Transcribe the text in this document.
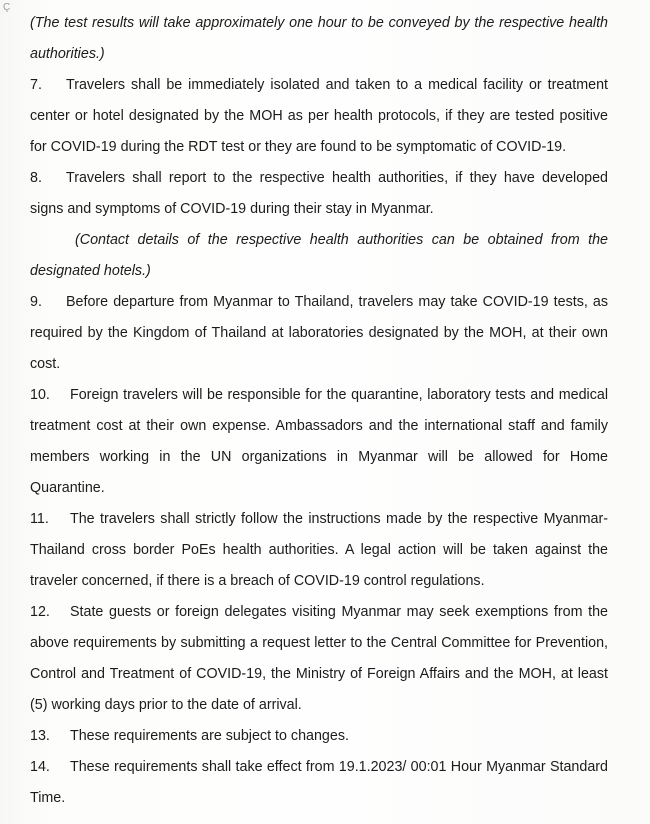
Ç

(The test results will take approximately one hour to be conveyed by the respective health authorities.)

7. Travelers shall be immediately isolated and taken to a medical facility or treatment center or hotel designated by the MOH as per health protocols, if they are tested positive for COVID-19 during the RDT test or they are found to be symptomatic of COVID-19.

8. Travelers shall report to the respective health authorities, if they have developed signs and symptoms of COVID-19 during their stay in Myanmar.

(Contact details of the respective health authorities can be obtained from the designated hotels.)

9. Before departure from Myanmar to Thailand, travelers may take COVID-19 tests, as required by the Kingdom of Thailand at laboratories designated by the MOH, at their own cost.

10. Foreign travelers will be responsible for the quarantine, laboratory tests and medical treatment cost at their own expense. Ambassadors and the international staff and family members working in the UN organizations in Myanmar will be allowed for Home Quarantine.

11. The travelers shall strictly follow the instructions made by the respective Myanmar-Thailand cross border PoEs health authorities. A legal action will be taken against the traveler concerned, if there is a breach of COVID-19 control regulations.

12. State guests or foreign delegates visiting Myanmar may seek exemptions from the above requirements by submitting a request letter to the Central Committee for Prevention, Control and Treatment of COVID-19, the Ministry of Foreign Affairs and the MOH, at least (5) working days prior to the date of arrival.

13. These requirements are subject to changes.

14. These requirements shall take effect from 19.1.2023/ 00:01 Hour Myanmar Standard Time.
